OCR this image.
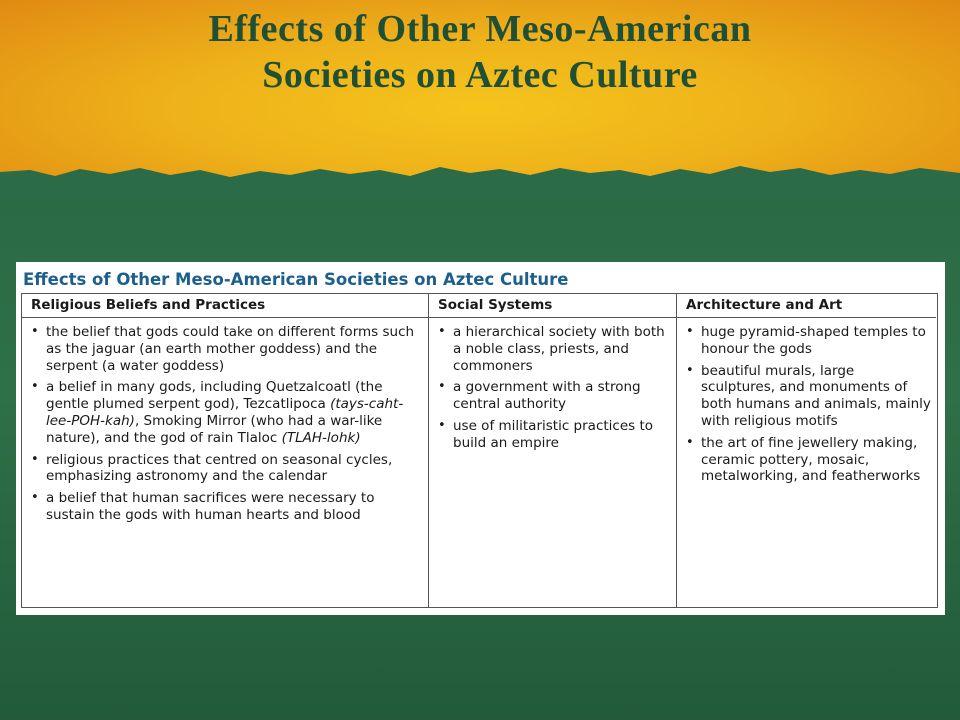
Effects of Other Meso-American
Societies on Aztec Culture
Effects of Other Meso-American Societies on Aztec Culture
Religious Beliefs and Practices
• the belief that gods could take on different forms such as the jaguar (an earth mother goddess) and the serpent (a water goddess)
• a belief in many gods, including Quetzalcoatl (the gentle plumed serpent god), Tezcatlipoca (tays-caht-lee-POH-kah), Smoking Mirror (who had a war-like nature), and the god of rain Tlaloc (TLAH-lohk)
• religious practices that centred on seasonal cycles, emphasizing astronomy and the calendar
• a belief that human sacrifices were necessary to sustain the gods with human hearts and blood
Social Systems
• a hierarchical society with both a noble class, priests, and commoners
• a government with a strong central authority
• use of militaristic practices to build an empire
Architecture and Art
• huge pyramid-shaped temples to honour the gods
• beautiful murals, large sculptures, and monuments of both humans and animals, mainly with religious motifs
• the art of fine jewellery making, ceramic pottery, mosaic, metalworking, and featherworks
